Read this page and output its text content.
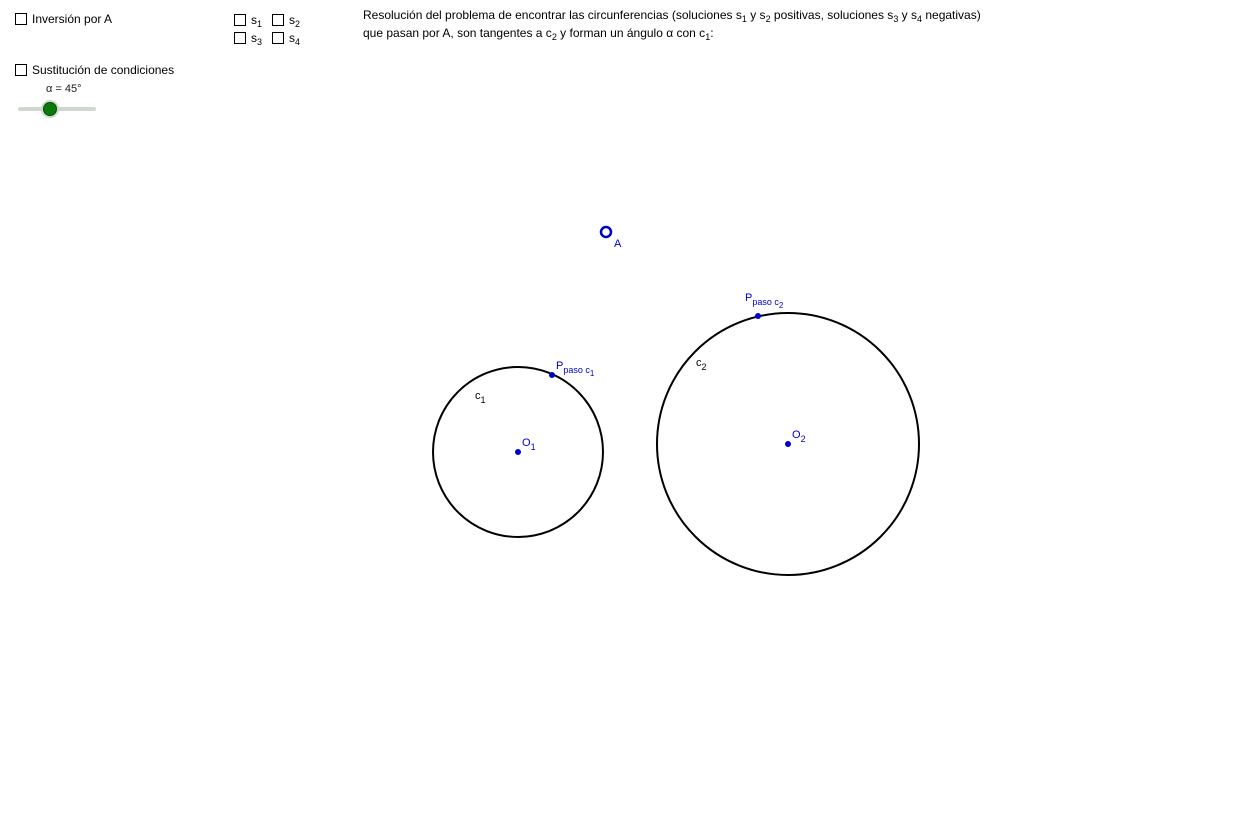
Inversión por A
Sustitución de condiciones
α = 45°
$s_1$ $s_2$
$s_3$ $s_4$
Resolución del problema de encontrar las circunferencias (soluciones $s_1$ y $s_2$ positivas, soluciones $s_3$ y $s_4$ negativas)
que pasan por A, son tangentes a $c_2$ y forman un ángulo α con $c_1$:
A
$c_1$
$c_2$
$O_1$
$O_2$
$P_{paso c1}$
$P_{paso c2}$
